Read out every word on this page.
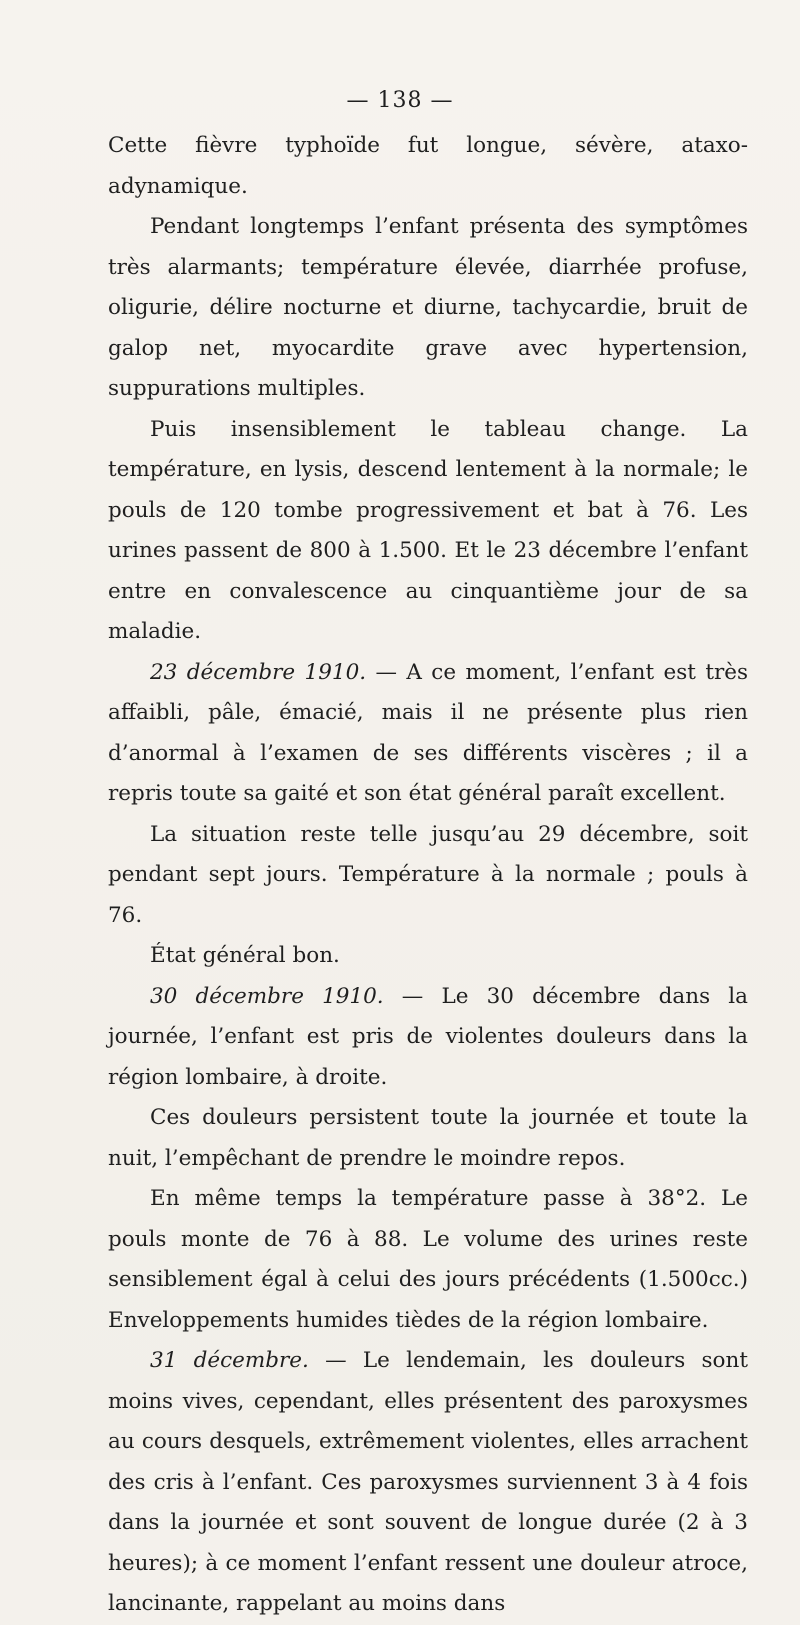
— 138 —

Cette fièvre typhoïde fut longue, sévère, ataxo-adynamique.

Pendant longtemps l’enfant présenta des symptômes très alarmants; température élevée, diarrhée profuse, oligurie, délire nocturne et diurne, tachycardie, bruit de galop net, myocardite grave avec hypertension, suppurations multiples.

Puis insensiblement le tableau change. La température, en lysis, descend lentement à la normale; le pouls de 120 tombe progressivement et bat à 76. Les urines passent de 800 à 1.500. Et le 23 décembre l’enfant entre en convalescence au cinquantième jour de sa maladie.

23 décembre 1910. — A ce moment, l’enfant est très affaibli, pâle, émacié, mais il ne présente plus rien d’anormal à l’examen de ses différents viscères ; il a repris toute sa gaité et son état général paraît excellent.

La situation reste telle jusqu’au 29 décembre, soit pendant sept jours. Température à la normale ; pouls à 76.

État général bon.

30 décembre 1910. — Le 30 décembre dans la journée, l’enfant est pris de violentes douleurs dans la région lombaire, à droite.

Ces douleurs persistent toute la journée et toute la nuit, l’empêchant de prendre le moindre repos.

En même temps la température passe à 38°2. Le pouls monte de 76 à 88. Le volume des urines reste sensiblement égal à celui des jours précédents (1.500cc.) Enveloppements humides tièdes de la région lombaire.

31 décembre. — Le lendemain, les douleurs sont moins vives, cependant, elles présentent des paroxysmes au cours desquels, extrêmement violentes, elles arrachent des cris à l’enfant. Ces paroxysmes surviennent 3 à 4 fois dans la journée et sont souvent de longue durée (2 à 3 heures); à ce moment l’enfant ressent une douleur atroce, lancinante, rappelant au moins dans
